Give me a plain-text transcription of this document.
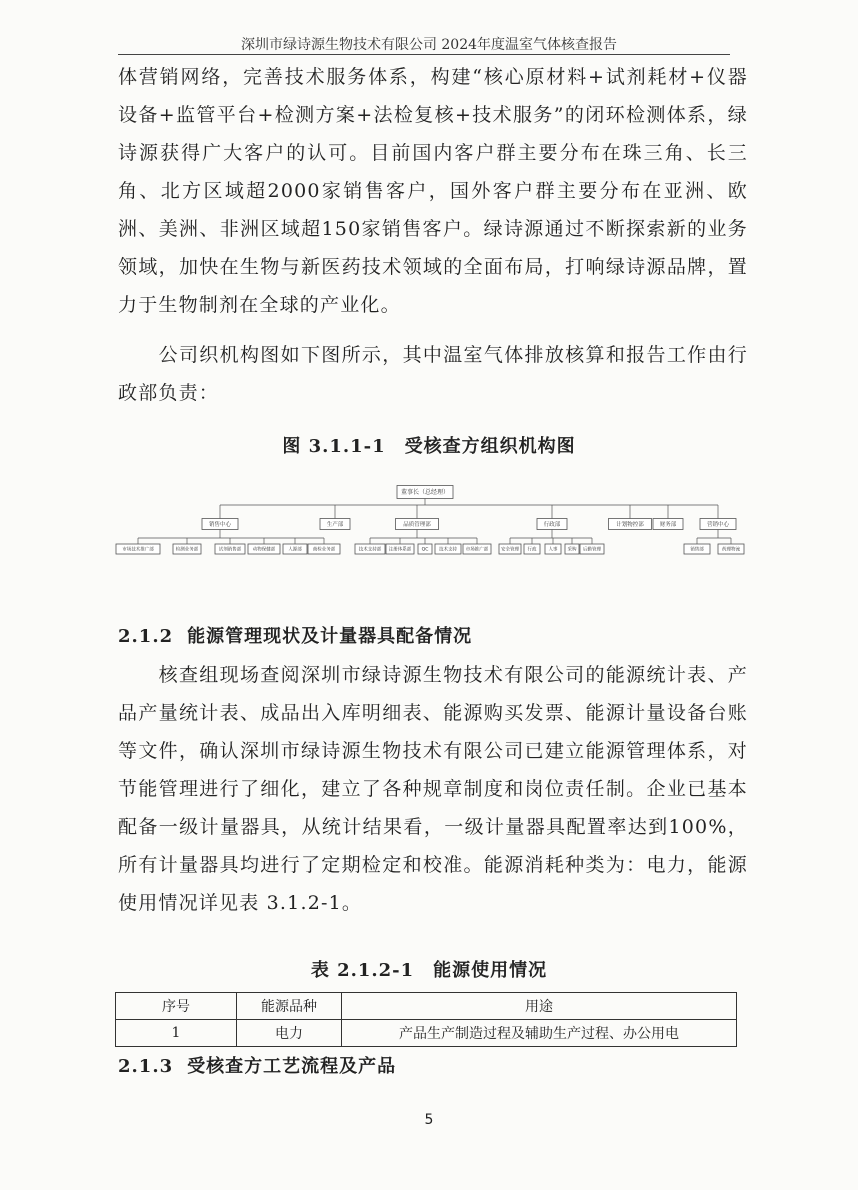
深圳市绿诗源生物技术有限公司 2024年度温室气体核查报告

体营销网络，完善技术服务体系，构建“核心原材料+试剂耗材+仪器设备+监管平台+检测方案+法检复核+技术服务”的闭环检测体系，绿诗源获得广大客户的认可。目前国内客户群主要分布在珠三角、长三角、北方区域超2000家销售客户，国外客户群主要分布在亚洲、欧洲、美洲、非洲区域超150家销售客户。绿诗源通过不断探索新的业务领域，加快在生物与新医药技术领域的全面布局，打响绿诗源品牌，置力于生物制剂在全球的产业化。

　　公司织机构图如下图所示，其中温室气体排放核算和报告工作由行政部负责：

图 3.1.1-1　受核查方组织机构图
董事长（总经理）
销售中心
市场技术推广部	检测业务部	试剂销售部	动物保健部	人源部 商检业务部
生产部	品质管理部
技术支持部 注册体系部 QC 技术支持 市场推广部
行政部
安全管理 行政	人事 采购 后勤管理
计划物控部	财务部	营销中心
销售部	药理物流
2.1.2 能源管理现状及计量器具配备情况

　　核查组现场查阅深圳市绿诗源生物技术有限公司的能源统计表、产品产量统计表、成品出入库明细表、能源购买发票、能源计量设备台账等文件，确认深圳市绿诗源生物技术有限公司已建立能源管理体系，对节能管理进行了细化，建立了各种规章制度和岗位责任制。企业已基本配备一级计量器具，从统计结果看，一级计量器具配置率达到100%，所有计量器具均进行了定期检定和校准。能源消耗种类为：电力，能源使用情况详见表 3.1.2-1。

表 2.1.2-1　能源使用情况
序号	能源品种	用途
1	电力	产品生产制造过程及辅助生产过程、办公用电
2.1.3 受核查方工艺流程及产品
5
